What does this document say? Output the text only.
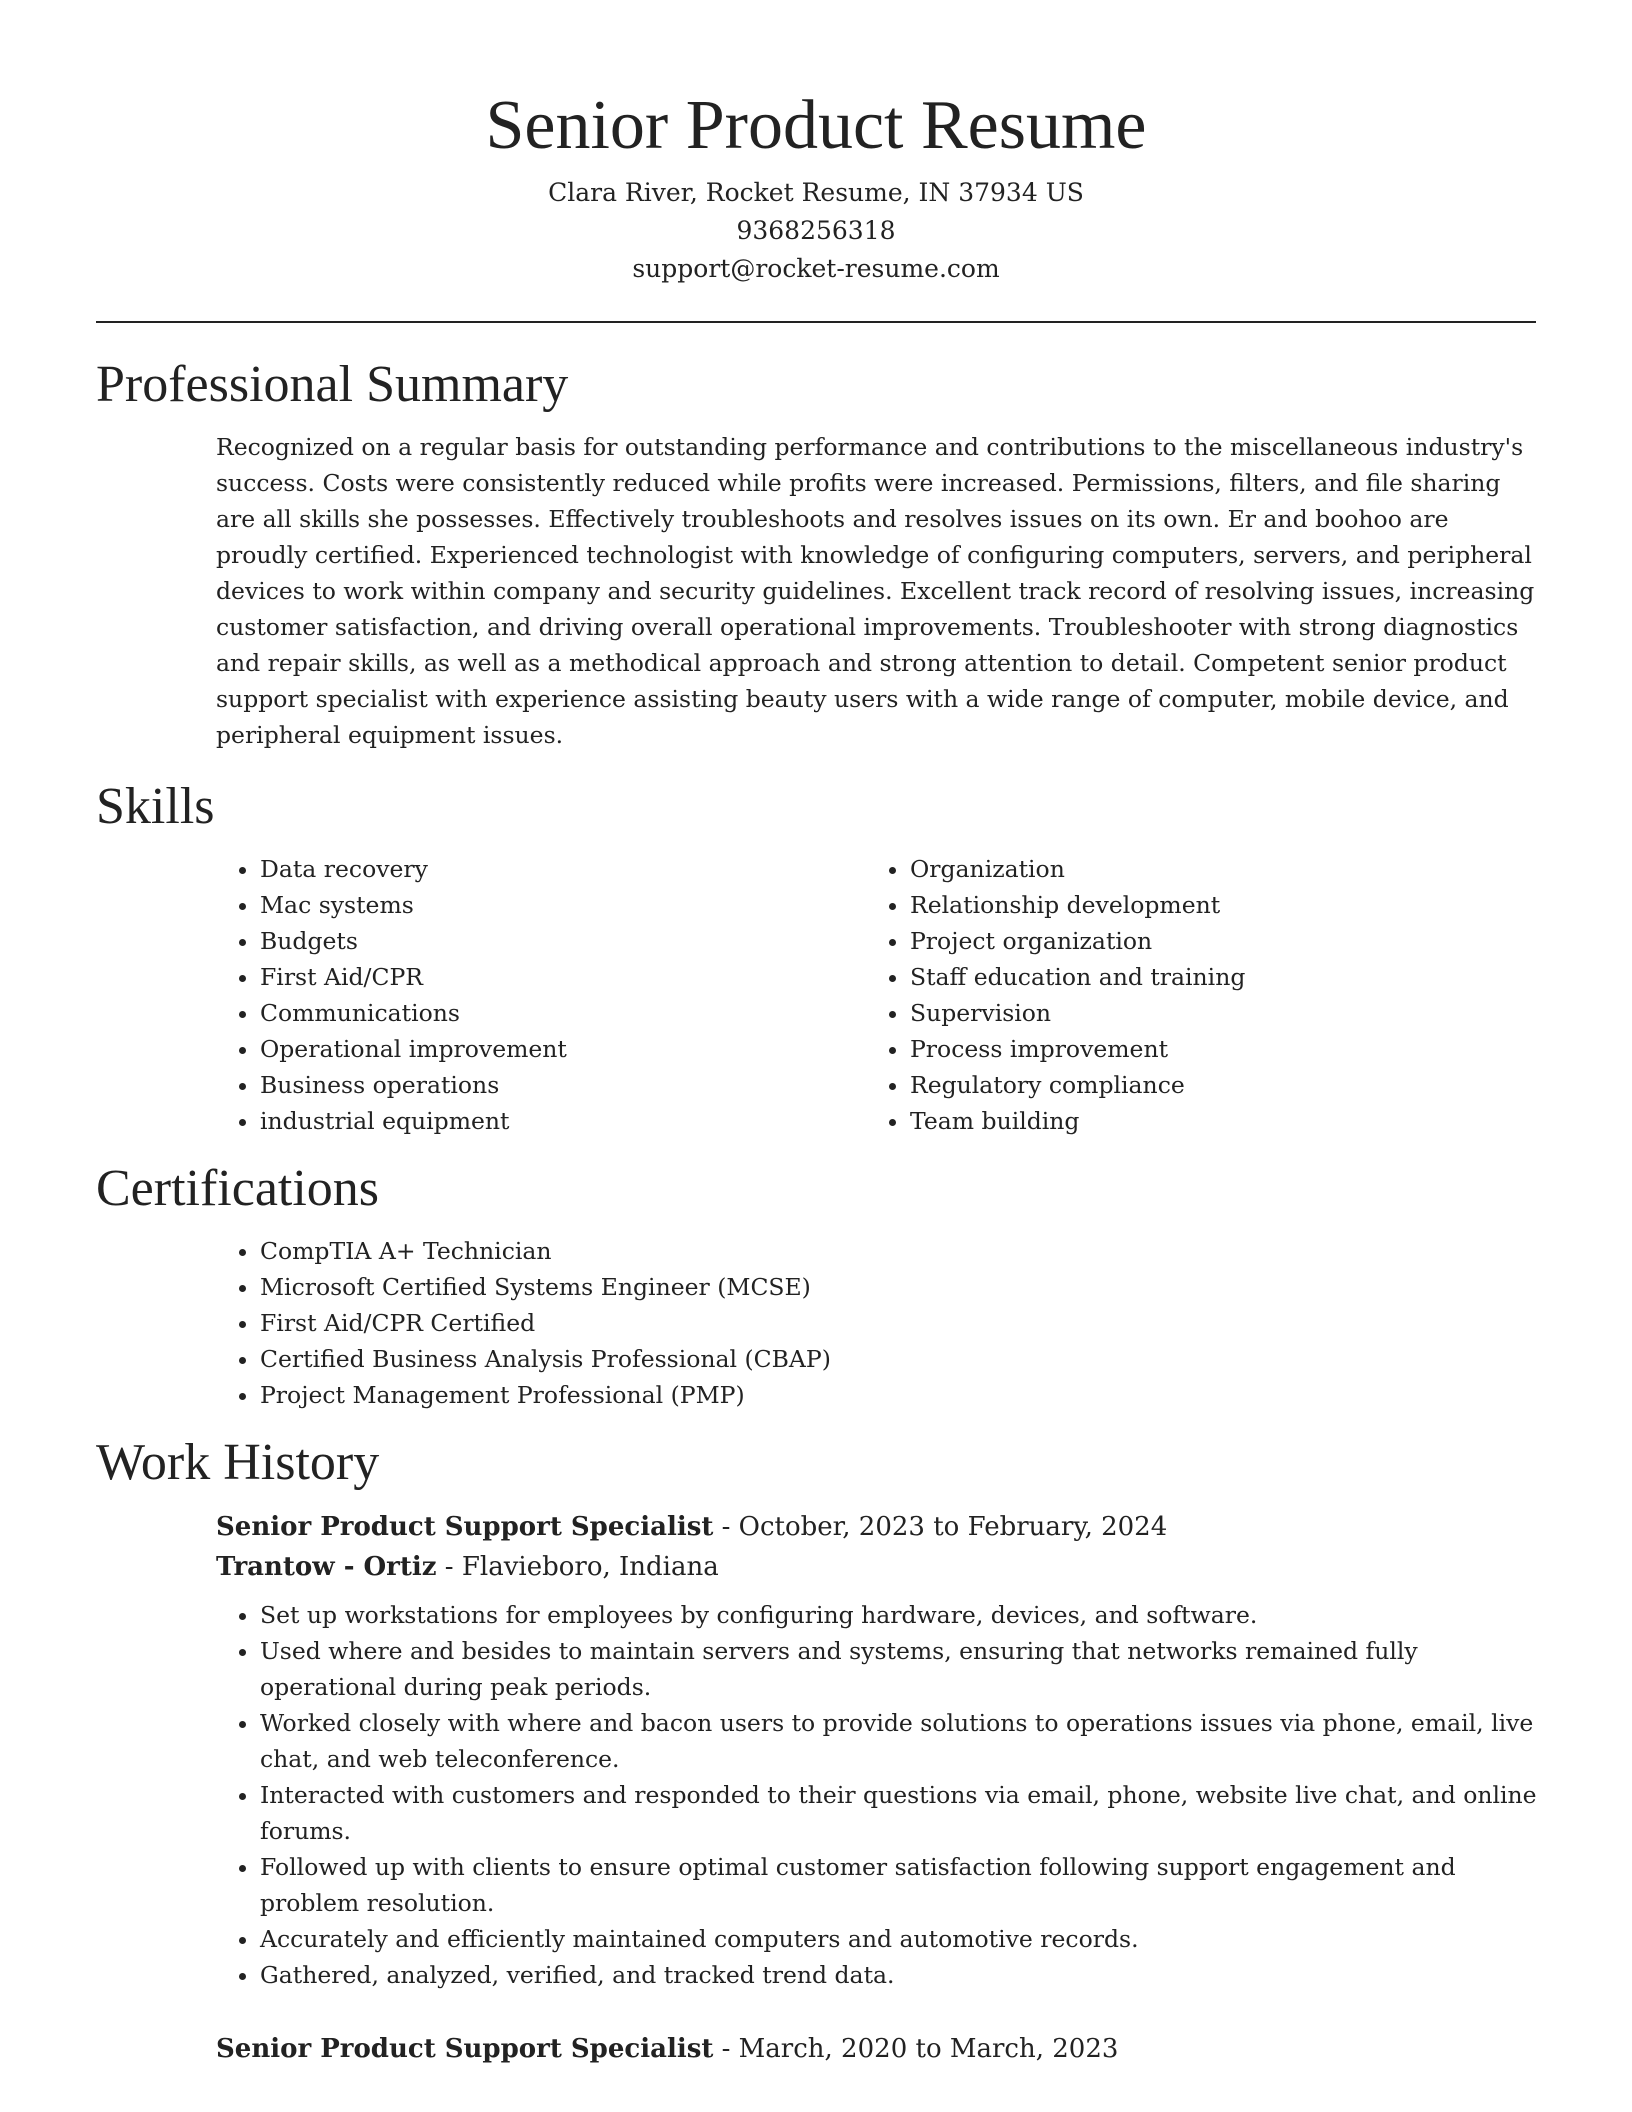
Senior Product Resume
Clara River, Rocket Resume, IN 37934 US
9368256318
support@rocket-resume.com
Professional Summary
Recognized on a regular basis for outstanding performance and contributions to the miscellaneous industry's success. Costs were consistently reduced while profits were increased. Permissions, filters, and file sharing are all skills she possesses. Effectively troubleshoots and resolves issues on its own. Er and boohoo are proudly certified. Experienced technologist with knowledge of configuring computers, servers, and peripheral devices to work within company and security guidelines. Excellent track record of resolving issues, increasing customer satisfaction, and driving overall operational improvements. Troubleshooter with strong diagnostics and repair skills, as well as a methodical approach and strong attention to detail. Competent senior product support specialist with experience assisting beauty users with a wide range of computer, mobile device, and peripheral equipment issues.
Skills
• Data recovery
• Mac systems
• Budgets
• First Aid/CPR
• Communications
• Operational improvement
• Business operations
• industrial equipment
• Organization
• Relationship development
• Project organization
• Staff education and training
• Supervision
• Process improvement
• Regulatory compliance
• Team building
Certifications
• CompTIA A+ Technician
• Microsoft Certified Systems Engineer (MCSE)
• First Aid/CPR Certified
• Certified Business Analysis Professional (CBAP)
• Project Management Professional (PMP)
Work History
Senior Product Support Specialist - October, 2023 to February, 2024
Trantow - Ortiz - Flavieboro, Indiana
• Set up workstations for employees by configuring hardware, devices, and software.
• Used where and besides to maintain servers and systems, ensuring that networks remained fully operational during peak periods.
• Worked closely with where and bacon users to provide solutions to operations issues via phone, email, live chat, and web teleconference.
• Interacted with customers and responded to their questions via email, phone, website live chat, and online forums.
• Followed up with clients to ensure optimal customer satisfaction following support engagement and problem resolution.
• Accurately and efficiently maintained computers and automotive records.
• Gathered, analyzed, verified, and tracked trend data.
Senior Product Support Specialist - March, 2020 to March, 2023
